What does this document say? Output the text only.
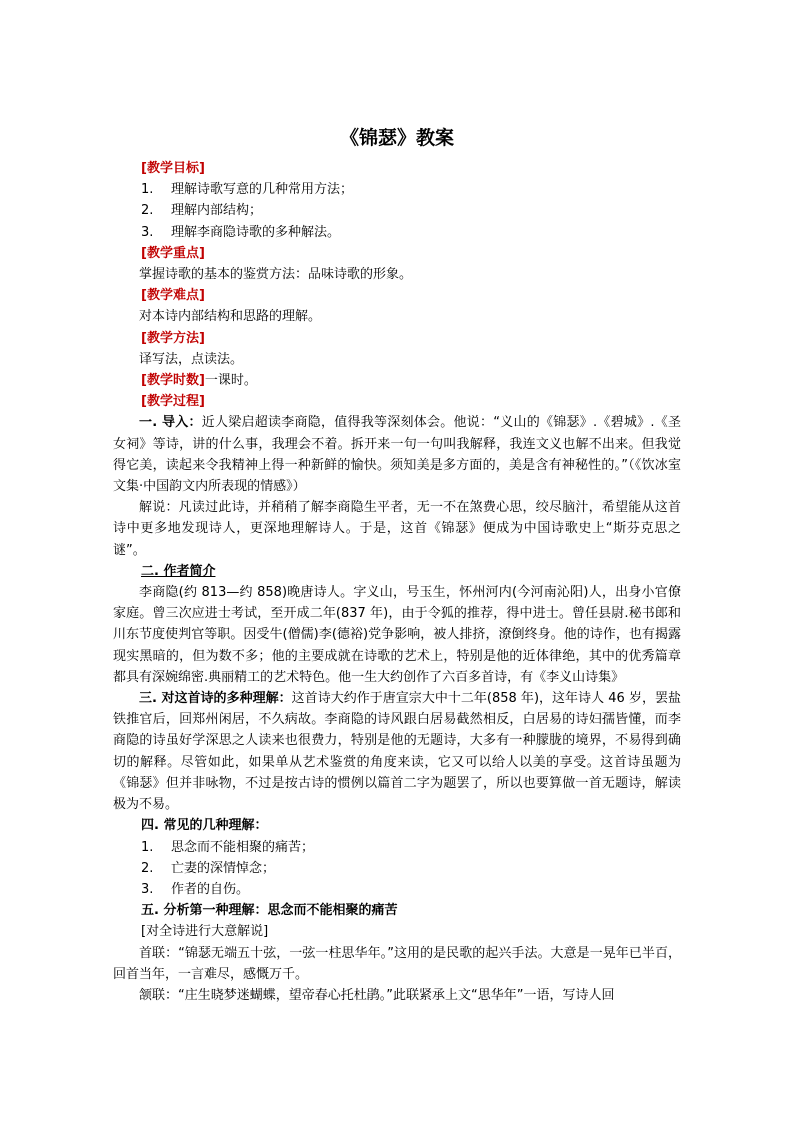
《锦瑟》教案
[教学目标]
1. 理解诗歌写意的几种常用方法；
2. 理解内部结构；
3. 理解李商隐诗歌的多种解法。
[教学重点]
掌握诗歌的基本的鉴赏方法：品味诗歌的形象。
[教学难点]
对本诗内部结构和思路的理解。
[教学方法]
译写法，点读法。
[教学时数]一课时。
[教学过程]
一. 导入：近人梁启超读李商隐，值得我等深刻体会。他说：“义山的《锦瑟》.《碧城》.《圣女祠》等诗，讲的什么事，我理会不着。拆开来一句一句叫我解释，我连文义也解不出来。但我觉得它美，读起来令我精神上得一种新鲜的愉快。须知美是多方面的，美是含有神秘性的。”（《饮冰室文集·中国韵文内所表现的情感》）
解说：凡读过此诗，并稍稍了解李商隐生平者，无一不在煞费心思，绞尽脑汁，希望能从这首诗中更多地发现诗人，更深地理解诗人。于是，这首《锦瑟》便成为中国诗歌史上“斯芬克思之谜”。
二. 作者简介
李商隐(约 813—约 858)晚唐诗人。字义山，号玉生，怀州河内(今河南沁阳)人，出身小官僚家庭。曾三次应进士考试，至开成二年(837 年)，由于令狐的推荐，得中进士。曾任县尉.秘书郎和川东节度使判官等职。因受牛(僧儒)李(德裕)党争影响，被人排挤，潦倒终身。他的诗作，也有揭露现实黑暗的，但为数不多；他的主要成就在诗歌的艺术上，特别是他的近体律绝，其中的优秀篇章都具有深婉绵密.典丽精工的艺术特色。他一生大约创作了六百多首诗，有《李义山诗集》
三. 对这首诗的多种理解：这首诗大约作于唐宣宗大中十二年(858 年)，这年诗人 46 岁，罢盐铁推官后，回郑州闲居，不久病故。李商隐的诗风跟白居易截然相反，白居易的诗妇孺皆懂，而李商隐的诗虽好学深思之人读来也很费力，特别是他的无题诗，大多有一种朦胧的境界，不易得到确切的解释。尽管如此，如果单从艺术鉴赏的角度来读，它又可以给人以美的享受。这首诗虽题为《锦瑟》但并非咏物，不过是按古诗的惯例以篇首二字为题罢了，所以也要算做一首无题诗，解读极为不易。
四. 常见的几种理解：
1. 思念而不能相聚的痛苦；
2. 亡妻的深情悼念；
3. 作者的自伤。
五. 分析第一种理解：思念而不能相聚的痛苦
[对全诗进行大意解说]
首联：“锦瑟无端五十弦，一弦一柱思华年。”这用的是民歌的起兴手法。大意是一晃年已半百，回首当年，一言难尽，感慨万千。
颔联：“庄生晓梦迷蝴蝶，望帝春心托杜鹃。”此联紧承上文“思华年”一语，写诗人回
